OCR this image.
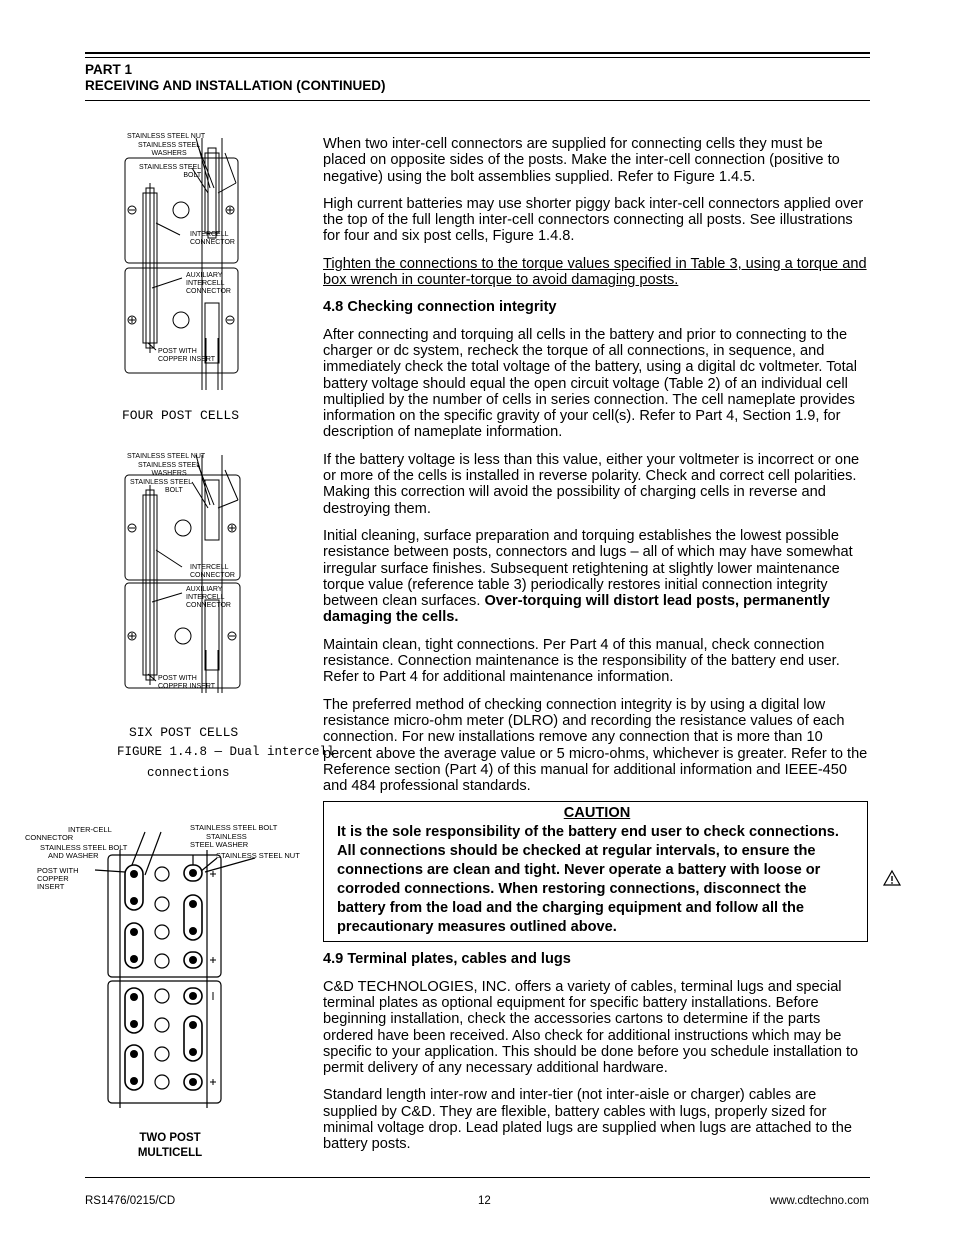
PART 1
RECEIVING AND INSTALLATION (CONTINUED)
STAINLESS STEEL NUT
STAINLESS STEEL
WASHERS
STAINLESS STEEL
BOLT
INTERCELL
CONNECTOR
AUXILIARY
INTERCELL
CONNECTOR
POST WITH
COPPER INSERT
FOUR POST CELLS
STAINLESS STEEL NUT
STAINLESS STEEL
WASHERS
STAINLESS STEEL
BOLT
INTERCELL
CONNECTOR
AUXILIARY
INTERCELL
CONNECTOR
POST WITH
COPPER INSERT
SIX POST CELLS
FIGURE 1.4.8 — Dual intercell
connections
INTER-CELL
CONNECTOR
STAINLESS STEEL BOLT
AND WASHER
POST WITH
COPPER
INSERT
STAINLESS STEEL BOLT
STAINLESS
STEEL WASHER
STAINLESS STEEL NUT
TWO POST
MULTICELL

When two inter-cell connectors are supplied for connecting cells they must be placed on opposite sides of the posts. Make the inter-cell connection (positive to negative) using the bolt assemblies supplied. Refer to Figure 1.4.5.

High current batteries may use shorter piggy back inter-cell connectors applied over the top of the full length inter-cell connectors connecting all posts. See illustrations for four and six post cells, Figure 1.4.8.

Tighten the connections to the torque values specified in Table 3, using a torque and box wrench in counter-torque to avoid damaging posts.

4.8 Checking connection integrity

After connecting and torquing all cells in the battery and prior to connecting to the charger or dc system, recheck the torque of all connections, in sequence, and immediately check the total voltage of the battery, using a digital dc voltmeter. Total battery voltage should equal the open circuit voltage (Table 2) of an individual cell multiplied by the number of cells in series connection. The cell nameplate provides information on the specific gravity of your cell(s). Refer to Part 4, Section 1.9, for description of nameplate information.

If the battery voltage is less than this value, either your voltmeter is incorrect or one or more of the cells is installed in reverse polarity. Check and correct cell polarities. Making this correction will avoid the possibility of charging cells in reverse and destroying them.

Initial cleaning, surface preparation and torquing establishes the lowest possible resistance between posts, connectors and lugs – all of which may have somewhat irregular surface finishes. Subsequent retightening at slightly lower maintenance torque value (reference table 3) periodically restores initial connection integrity between clean surfaces. Over-torquing will distort lead posts, permanently damaging the cells.

Maintain clean, tight connections. Per Part 4 of this manual, check connection resistance. Connection maintenance is the responsibility of the battery end user. Refer to Part 4 for additional maintenance information.

The preferred method of checking connection integrity is by using a digital low resistance micro-ohm meter (DLRO) and recording the resistance values of each connection. For new installations remove any connection that is more than 10 percent above the average value or 5 micro-ohms, whichever is greater. Refer to the Reference section (Part 4) of this manual for additional information and IEEE-450 and 484 professional standards.

CAUTION
It is the sole responsibility of the battery end user to check connections. All connections should be checked at regular intervals, to ensure the connections are clean and tight. Never operate a battery with loose or corroded connections. When restoring connections, disconnect the battery from the load and the charging equipment and follow all the precautionary measures outlined above.
4.9 Terminal plates, cables and lugs

C&D TECHNOLOGIES, INC. offers a variety of cables, terminal lugs and special terminal plates as optional equipment for specific battery installations. Before beginning installation, check the accessories cartons to determine if the parts ordered have been received. Also check for additional instructions which may be specific to your application. This should be done before you schedule installation to permit delivery of any necessary additional hardware.

Standard length inter-row and inter-tier (not inter-aisle or charger) cables are supplied by C&D. They are flexible, battery cables with lugs, properly sized for minimal voltage drop. Lead plated lugs are supplied when lugs are attached to the battery posts.

RS1476/0215/CD	12	www.cdtechno.com
